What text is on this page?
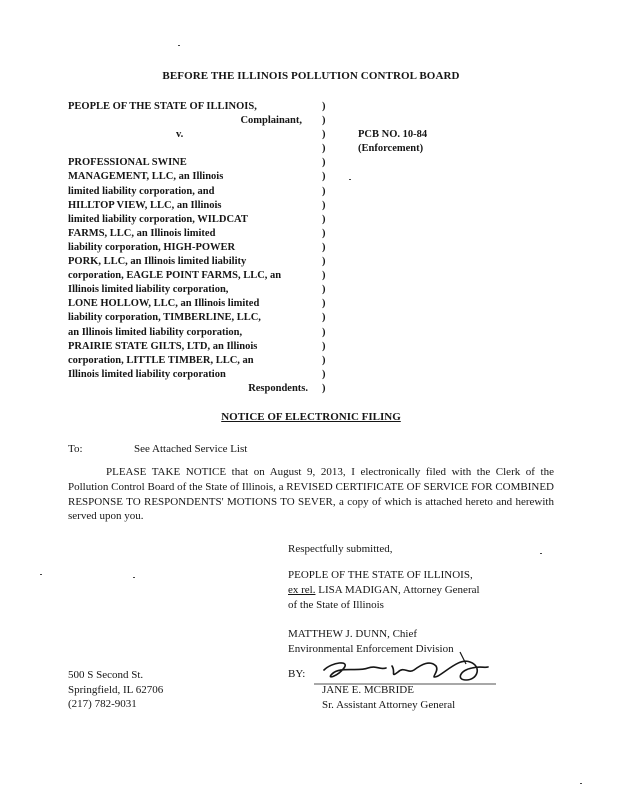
BEFORE THE ILLINOIS POLLUTION CONTROL BOARD
PEOPLE OF THE STATE OF ILLINOIS,
Complainant,
v.
PROFESSIONAL SWINE
MANAGEMENT, LLC, an Illinois
limited liability corporation, and
HILLTOP VIEW, LLC, an Illinois
limited liability corporation, WILDCAT
FARMS, LLC, an Illinois limited
liability corporation, HIGH-POWER
PORK, LLC, an Illinois limited liability
corporation, EAGLE POINT FARMS, LLC, an
Illinois limited liability corporation,
LONE HOLLOW, LLC, an Illinois limited
liability corporation, TIMBERLINE, LLC,
an Illinois limited liability corporation,
PRAIRIE STATE GILTS, LTD, an Illinois
corporation, LITTLE TIMBER, LLC, an
Illinois limited liability corporation
Respondents.
)
)
)
)
)
)
)
)
)
)
)
)
)
)
)
)
)
)
)
)
)
PCB NO. 10-84
(Enforcement)
NOTICE OF ELECTRONIC FILING
To:	See Attached Service List
PLEASE TAKE NOTICE that on August 9, 2013, I electronically filed with the Clerk of the Pollution Control Board of the State of Illinois, a REVISED CERTIFICATE OF SERVICE FOR COMBINED RESPONSE TO RESPONDENTS' MOTIONS TO SEVER, a copy of which is attached hereto and herewith served upon you.
Respectfully submitted,
PEOPLE OF THE STATE OF ILLINOIS,
ex rel. LISA MADIGAN, Attorney General
of the State of Illinois
MATTHEW J. DUNN, Chief
Environmental Enforcement Division
500 S Second St.
Springfield, IL 62706
(217) 782-9031
BY:
JANE E. MCBRIDE
Sr. Assistant Attorney General
